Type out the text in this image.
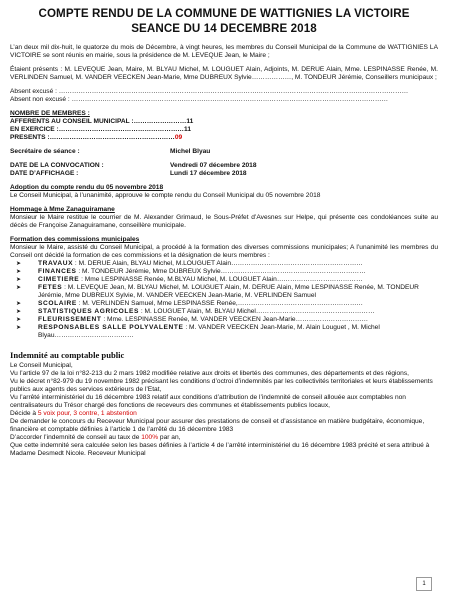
COMPTE RENDU DE LA COMMUNE DE WATTIGNIES LA VICTOIRE
SEANCE DU 14 DECEMBRE 2018

L’an deux mil dix-huit, le quatorze du mois de Décembre, à vingt heures, les membres du Conseil Municipal de la Commune de WATTIGNIES LA VICTOIRE se sont réunis en mairie, sous la présidence de M. LEVEQUE Jean, le Maire ;

Étaient présents : M. LEVEQUE Jean, Maire, M. BLYAU Michel, M. LOUGUET Alain, Adjoints, M. DERUE Alain, Mme. LESPINASSE Renée, M. VERLINDEN Samuel, M. VANDER VEECKEN Jean-Marie, Mme DUBREUX Sylvie………………, M. TONDEUR Jérémie, Conseillers municipaux ;

Absent excusé : ……………………………………………………………………………………………………………………………………………

Absent non excusé : ………………………………………………………………………………………………………………………………

NOMBRE DE MEMBRES :

AFFERENTS AU CONSEIL MUNICIPAL : ……………………11
EN EXERCICE : …………………………………………………11
PRESENTS : ………………………………………………… 09
Secrétaire de séance :	Michel Blyau
DATE DE LA CONVOCATION :	Vendredi 07 décembre 2018
DATE D’AFFICHAGE :	Lundi 17 décembre 2018
Adoption du compte rendu du 05 novembre 2018

Le Conseil Municipal, à l’unanimité, approuve le compte rendu du Conseil Municipal du 05 novembre 2018

Hommage à Mme Zanaguiramane

Monsieur le Maire restitue le courrier de M. Alexander Grimaud, le Sous-Préfet d’Avesnes sur Helpe, qui présente ces condoléances suite au décès de Françoise Zanaguiramane, conseillère municipale.

Formation des commissions municipales

Monsieur le Maire, assisté du Conseil Municipal, a procédé à la formation des diverses commissions municipales; A l’unanimité les membres du Conseil ont décidé la formation de ces commissions et la désignation de leurs membres :

➤	TRAVAUX : M. DERUE Alain, BLYAU Michel, M.LOUGUET Alain……………………………………………………
➤	FINANCES : M. TONDEUR Jérémie, Mme DUBREUX Sylvie…………………………………………………………
➤	CIMETIERE : Mme LESPINASSE Renée, M.BLYAU Michel, M. LOUGUET Alain…………………………………
➤	FETES : M. LEVEQUE Jean, M. BLYAU Michel, M. LOUGUET Alain, M. DERUE Alain, Mme LESPINASSE Renée, M. TONDEUR Jérémie, Mme DUBREUX Sylvie, M. VANDER VEECKEN Jean-Marie, M. VERLINDEN Samuel
➤	SCOLAIRE : M. VERLINDEN Samuel, Mme LESPINASSE Renée,…………………………………………………
➤	STATISTIQUES AGRICOLES : M. LOUGUET Alain, M. BLYAU Michel………………………………………………
➤	FLEURISSEMENT : Mme. LESPINASSE Renée, M. VANDER VEECKEN Jean-Marie……………………………
➤	RESPONSABLES SALLE POLYVALENTE : M. VANDER VEECKEN Jean-Marie, M. Alain Louguet , M. Michel Blyau………………………………
Indemnité au comptable public

Le Conseil Municipal,

Vu l’article 97 de la loi n°82-213 du 2 mars 1982 modifiée relative aux droits et libertés des communes, des départements et des régions,

Vu le décret n°82-979 du 19 novembre 1982 précisant les conditions d’octroi d’indemnités par les collectivités territoriales et leurs établissements publics aux agents des services extérieurs de l’Etat,

Vu l’arrêté interministériel du 16 décembre 1983 relatif aux conditions d’attribution de l’indemnité de conseil allouée aux comptables non centralisateurs du Trésor chargé des fonctions de receveurs des communes et établissements publics locaux,

Décide à 5 voix pour, 3 contre, 1 abstention

De demander le concours du Receveur Municipal pour assurer des prestations de conseil et d’assistance en matière budgétaire, économique, financière et comptable définies à l’article 1 de l’arrêté du 16 décembre 1983

D’accorder l’indemnité de conseil au taux de 100% par an,

Que cette indemnité sera calculée selon les bases définies à l’article 4 de l’arrêté interministériel du 16 décembre 1983 précité et sera attribué à Madame Desmedt Nicole. Receveur Municipal

1
